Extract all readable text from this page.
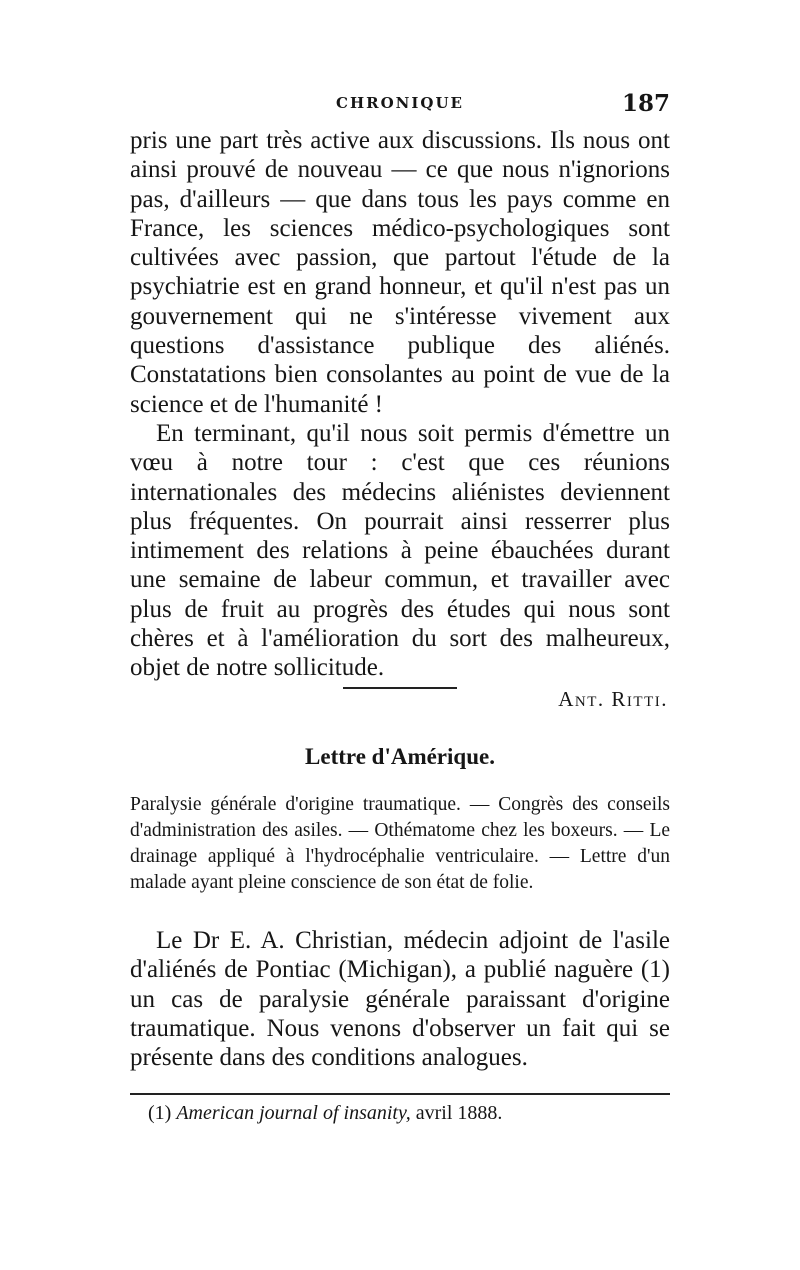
CHRONIQUE	187

pris une part très active aux discussions. Ils nous ont ainsi prouvé de nouveau — ce que nous n'ignorions pas, d'ailleurs — que dans tous les pays comme en France, les sciences médico-psychologiques sont cultivées avec passion, que partout l'étude de la psychiatrie est en grand honneur, et qu'il n'est pas un gouvernement qui ne s'intéresse vivement aux questions d'assistance publique des aliénés. Constatations bien consolantes au point de vue de la science et de l'humanité !

En terminant, qu'il nous soit permis d'émettre un vœu à notre tour : c'est que ces réunions internationales des médecins aliénistes deviennent plus fréquentes. On pourrait ainsi resserrer plus intimement des relations à peine ébauchées durant une semaine de labeur commun, et travailler avec plus de fruit au progrès des études qui nous sont chères et à l'amélioration du sort des malheureux, objet de notre sollicitude.

Ant. Ritti.
Lettre d'Amérique.
Paralysie générale d'origine traumatique. — Congrès des conseils d'administration des asiles. — Othématome chez les boxeurs. — Le drainage appliqué à l'hydrocéphalie ventriculaire. — Lettre d'un malade ayant pleine conscience de son état de folie.

Le Dr E. A. Christian, médecin adjoint de l'asile d'aliénés de Pontiac (Michigan), a publié naguère (1) un cas de paralysie générale paraissant d'origine traumatique. Nous venons d'observer un fait qui se présente dans des conditions analogues.

(1) American journal of insanity, avril 1888.
